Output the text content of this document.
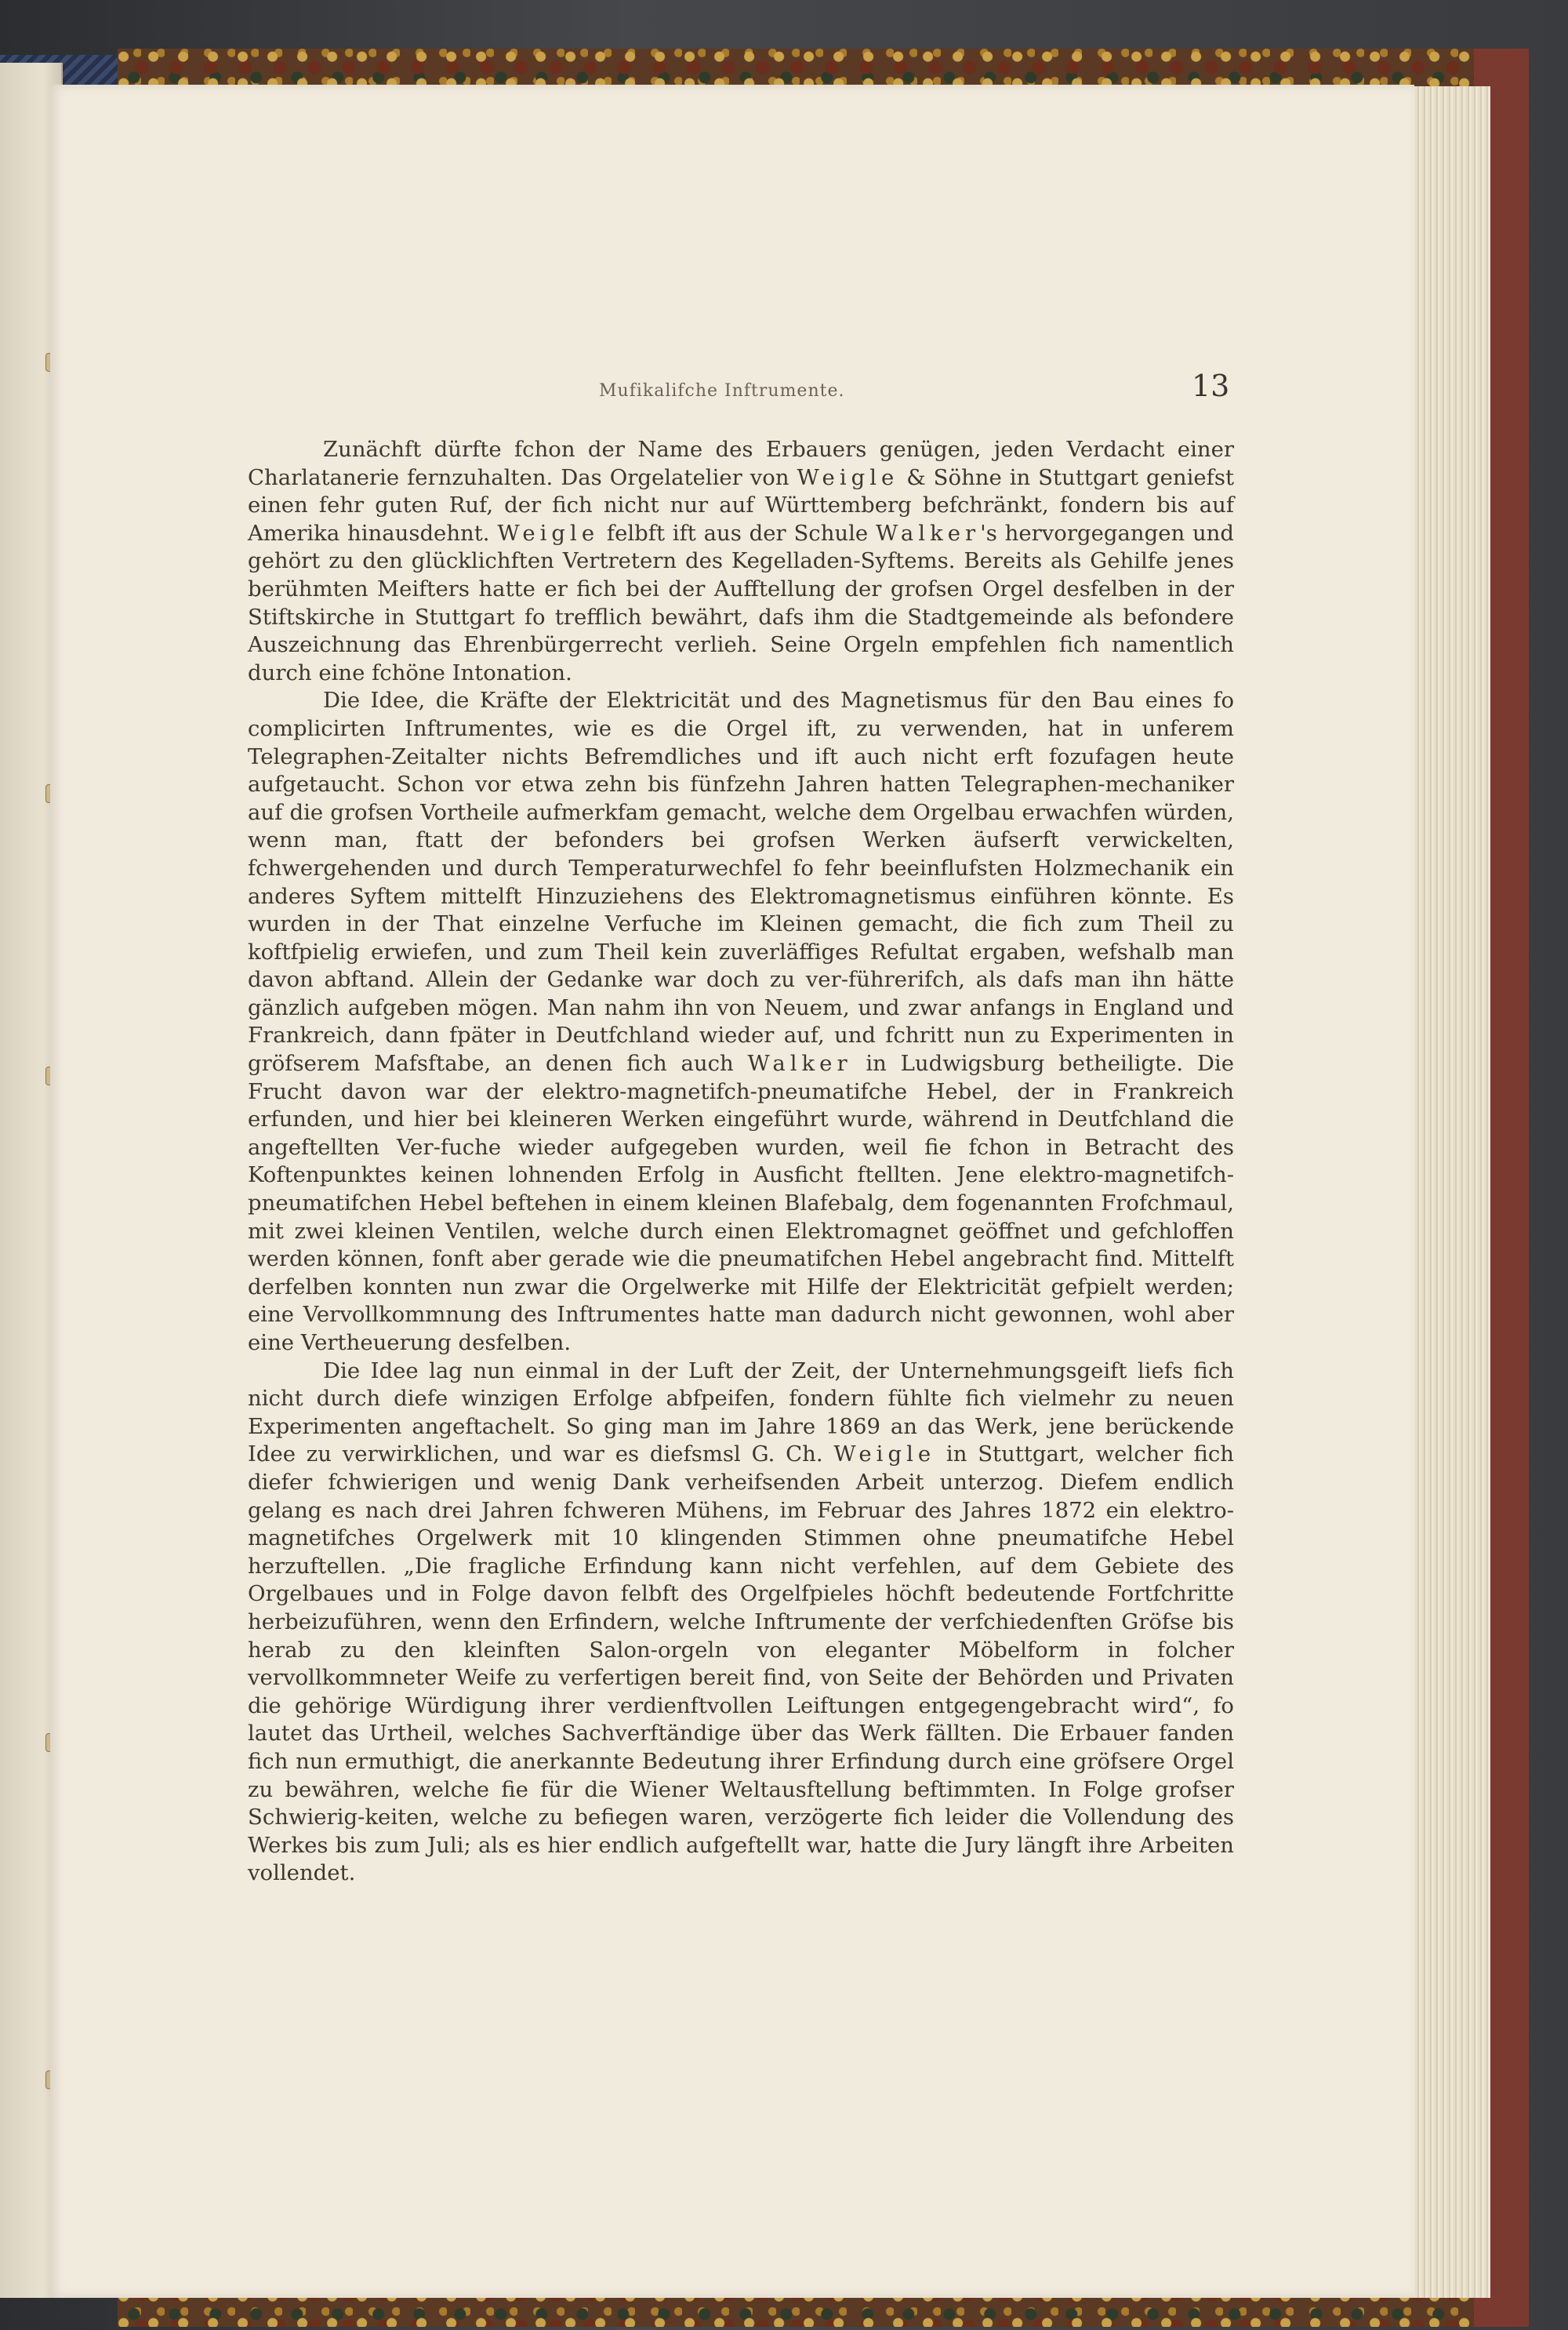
Mufikalifche Inftrumente.	13

Zunächft dürfte fchon der Name des Erbauers genügen, jeden Verdacht einer Charlatanerie fernzuhalten. Das Orgelatelier von Weigle & Söhne in Stuttgart geniefst einen fehr guten Ruf, der fich nicht nur auf Württemberg befchränkt, fondern bis auf Amerika hinausdehnt. Weigle felbft ift aus der Schule Walker's hervorgegangen und gehört zu den glücklichften Vertretern des Kegelladen-Syftems. Bereits als Gehilfe jenes berühmten Meifters hatte er fich bei der Aufftellung der grofsen Orgel desfelben in der Stiftskirche in Stuttgart fo trefflich bewährt, dafs ihm die Stadtgemeinde als befondere Auszeichnung das Ehrenbürgerrecht verlieh. Seine Orgeln empfehlen fich namentlich durch eine fchöne Intonation.

Die Idee, die Kräfte der Elektricität und des Magnetismus für den Bau eines fo complicirten Inftrumentes, wie es die Orgel ift, zu verwenden, hat in unferem Telegraphen-Zeitalter nichts Befremdliches und ift auch nicht erft fozufagen heute aufgetaucht. Schon vor etwa zehn bis fünfzehn Jahren hatten Telegraphen-mechaniker auf die grofsen Vortheile aufmerkfam gemacht, welche dem Orgelbau erwachfen würden, wenn man, ftatt der befonders bei grofsen Werken äufserft verwickelten, fchwergehenden und durch Temperaturwechfel fo fehr beeinflufsten Holzmechanik ein anderes Syftem mittelft Hinzuziehens des Elektromagnetismus einführen könnte. Es wurden in der That einzelne Verfuche im Kleinen gemacht, die fich zum Theil zu koftfpielig erwiefen, und zum Theil kein zuverläffiges Refultat ergaben, wefshalb man davon abftand. Allein der Gedanke war doch zu ver-führerifch, als dafs man ihn hätte gänzlich aufgeben mögen. Man nahm ihn von Neuem, und zwar anfangs in England und Frankreich, dann fpäter in Deutfchland wieder auf, und fchritt nun zu Experimenten in gröfserem Mafsftabe, an denen fich auch Walker in Ludwigsburg betheiligte. Die Frucht davon war der elektro-magnetifch-pneumatifche Hebel, der in Frankreich erfunden, und hier bei kleineren Werken eingeführt wurde, während in Deutfchland die angeftellten Ver-fuche wieder aufgegeben wurden, weil fie fchon in Betracht des Koftenpunktes keinen lohnenden Erfolg in Ausficht ftellten. Jene elektro-magnetifch-pneumatifchen Hebel beftehen in einem kleinen Blafebalg, dem fogenannten Frofchmaul, mit zwei kleinen Ventilen, welche durch einen Elektromagnet geöffnet und gefchloffen werden können, fonft aber gerade wie die pneumatifchen Hebel angebracht find. Mittelft derfelben konnten nun zwar die Orgelwerke mit Hilfe der Elektricität gefpielt werden; eine Vervollkommnung des Inftrumentes hatte man dadurch nicht gewonnen, wohl aber eine Vertheuerung desfelben.

Die Idee lag nun einmal in der Luft der Zeit, der Unternehmungsgeift liefs fich nicht durch diefe winzigen Erfolge abfpeifen, fondern fühlte fich vielmehr zu neuen Experimenten angeftachelt. So ging man im Jahre 1869 an das Werk, jene berückende Idee zu verwirklichen, und war es diefsmsl G. Ch. Weigle in Stuttgart, welcher fich diefer fchwierigen und wenig Dank verheifsenden Arbeit unterzog. Diefem endlich gelang es nach drei Jahren fchweren Mühens, im Februar des Jahres 1872 ein elektro-magnetifches Orgelwerk mit 10 klingenden Stimmen ohne pneumatifche Hebel herzuftellen. „Die fragliche Erfindung kann nicht verfehlen, auf dem Gebiete des Orgelbaues und in Folge davon felbft des Orgelfpieles höchft bedeutende Fortfchritte herbeizuführen, wenn den Erfindern, welche Inftrumente der verfchiedenften Gröfse bis herab zu den kleinften Salon-orgeln von eleganter Möbelform in folcher vervollkommneter Weife zu verfertigen bereit find, von Seite der Behörden und Privaten die gehörige Würdigung ihrer verdienftvollen Leiftungen entgegengebracht wird“, fo lautet das Urtheil, welches Sachverftändige über das Werk fällten. Die Erbauer fanden fich nun ermuthigt, die anerkannte Bedeutung ihrer Erfindung durch eine gröfsere Orgel zu bewähren, welche fie für die Wiener Weltausftellung beftimmten. In Folge grofser Schwierig-keiten, welche zu befiegen waren, verzögerte fich leider die Vollendung des Werkes bis zum Juli; als es hier endlich aufgeftellt war, hatte die Jury längft ihre Arbeiten vollendet.
